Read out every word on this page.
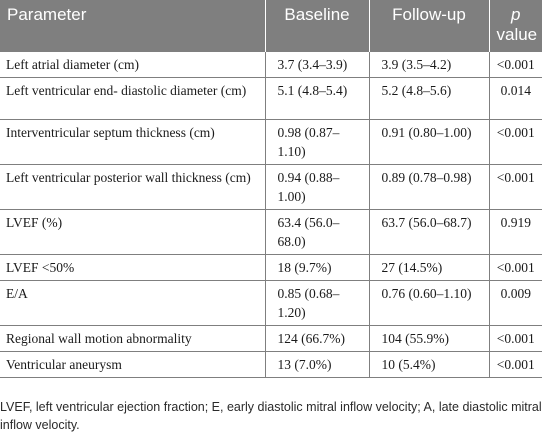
Parameter	Baseline	Follow-up	p
value
Left atrial diameter (cm)	3.7 (3.4–3.9)	3.9 (3.5–4.2)	<0.001
Left ventricular end- diastolic diameter (cm)	5.1 (4.8–5.4)	5.2 (4.8–5.6)	0.014
Interventricular septum thickness (cm)	0.98 (0.87–1.10)	0.91 (0.80–1.00)	<0.001
Left ventricular posterior wall thickness (cm)	0.94 (0.88–1.00)	0.89 (0.78–0.98)	<0.001
LVEF (%)	63.4 (56.0–68.0)	63.7 (56.0–68.7)	0.919
LVEF <50%	18 (9.7%)	27 (14.5%)	<0.001
E/A	0.85 (0.68–1.20)	0.76 (0.60–1.10)	0.009
Regional wall motion abnormality	124 (66.7%)	104 (55.9%)	<0.001
Ventricular aneurysm	13 (7.0%)	10 (5.4%)	<0.001
LVEF, left ventricular ejection fraction; E, early diastolic mitral inflow velocity; A, late diastolic mitral inflow velocity.
